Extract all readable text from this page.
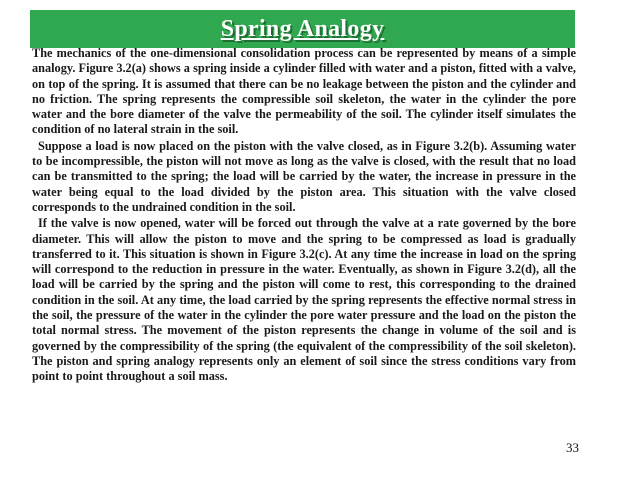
Spring Analogy

The mechanics of the one-dimensional consolidation process can be represented by means of a simple analogy. Figure 3.2(a) shows a spring inside a cylinder filled with water and a piston, fitted with a valve, on top of the spring. It is assumed that there can be no leakage between the piston and the cylinder and no friction. The spring represents the compressible soil skeleton, the water in the cylinder the pore water and the bore diameter of the valve the permeability of the soil. The cylinder itself simulates the condition of no lateral strain in the soil.

Suppose a load is now placed on the piston with the valve closed, as in Figure 3.2(b). Assuming water to be incompressible, the piston will not move as long as the valve is closed, with the result that no load can be transmitted to the spring; the load will be carried by the water, the increase in pressure in the water being equal to the load divided by the piston area. This situation with the valve closed corresponds to the undrained condition in the soil.

If the valve is now opened, water will be forced out through the valve at a rate governed by the bore diameter. This will allow the piston to move and the spring to be compressed as load is gradually transferred to it. This situation is shown in Figure 3.2(c). At any time the increase in load on the spring will correspond to the reduction in pressure in the water. Eventually, as shown in Figure 3.2(d), all the load will be carried by the spring and the piston will come to rest, this corresponding to the drained condition in the soil. At any time, the load carried by the spring represents the effective normal stress in the soil, the pressure of the water in the cylinder the pore water pressure and the load on the piston the total normal stress. The movement of the piston represents the change in volume of the soil and is governed by the compressibility of the spring (the equivalent of the compressibility of the soil skeleton). The piston and spring analogy represents only an element of soil since the stress conditions vary from point to point throughout a soil mass.

33
